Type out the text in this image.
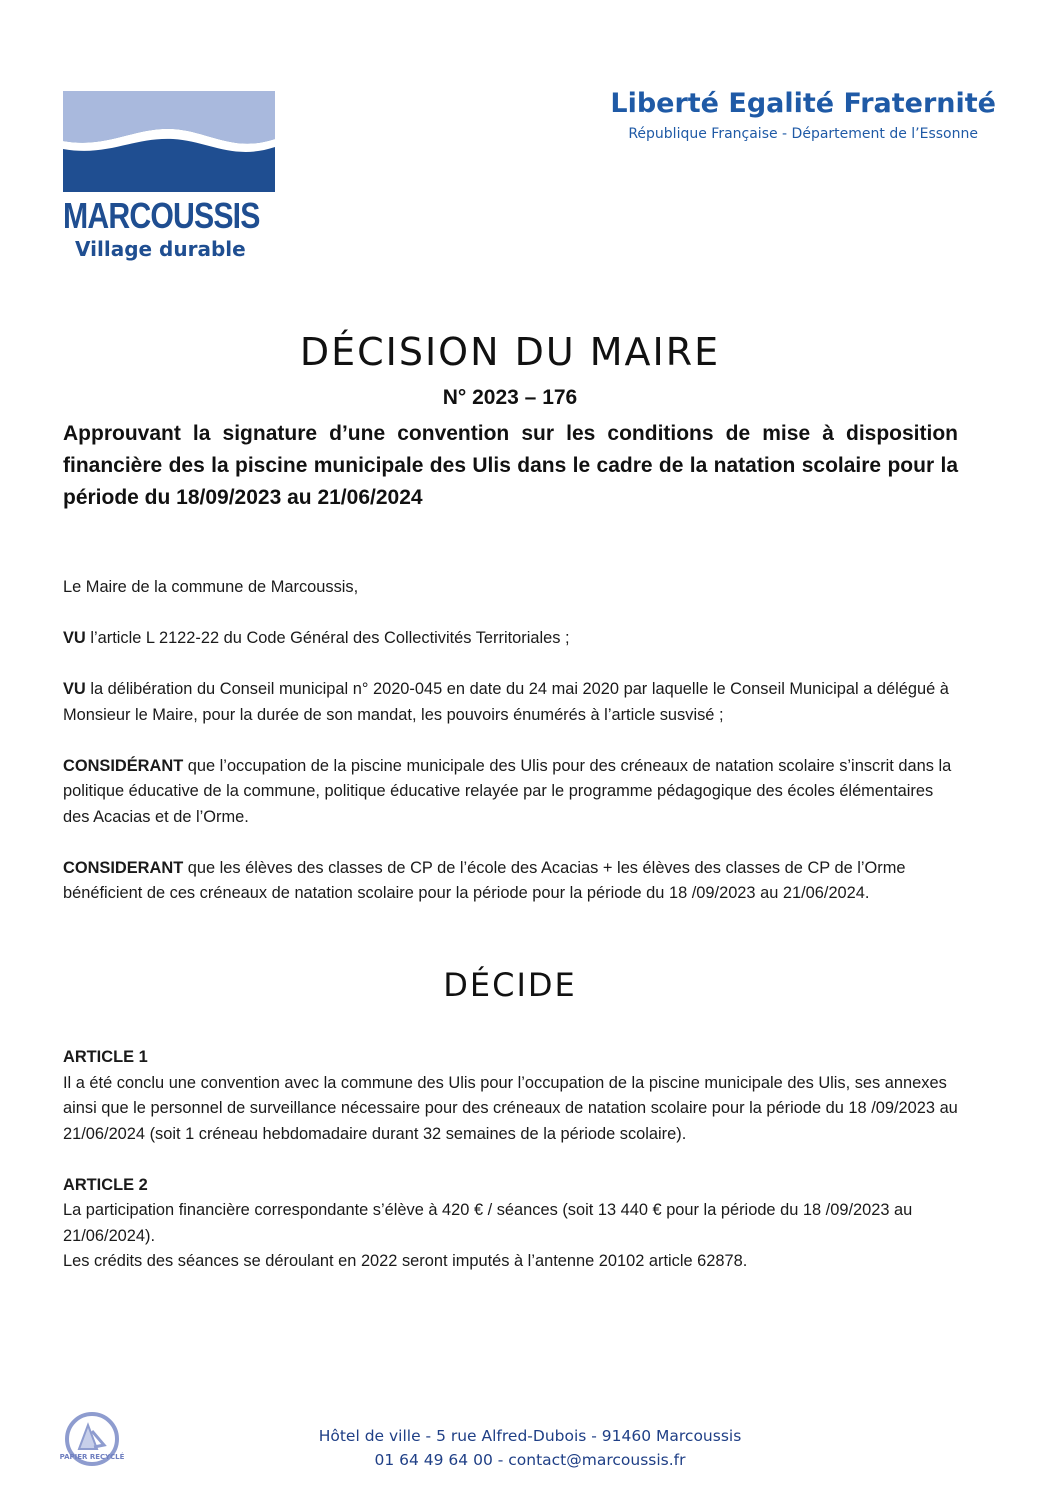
MARCOUSSIS
Village durable
Liberté Egalité Fraternité
République Française - Département de l’Essonne
DÉCISION DU MAIRE
N° 2023 – 176
Approuvant la signature d’une convention sur les conditions de mise à disposition financière des la piscine municipale des Ulis dans le cadre de la natation scolaire pour la période du 18/09/2023 au 21/06/2024

Le Maire de la commune de Marcoussis,

VU l’article L 2122-22 du Code Général des Collectivités Territoriales ;

VU la délibération du Conseil municipal n° 2020-045 en date du 24 mai 2020 par laquelle le Conseil Municipal a délégué à Monsieur le Maire, pour la durée de son mandat, les pouvoirs énumérés à l’article susvisé ;

CONSIDÉRANT que l’occupation de la piscine municipale des Ulis pour des créneaux de natation scolaire s’inscrit dans la politique éducative de la commune, politique éducative relayée par le programme pédagogique des écoles élémentaires des Acacias et de l’Orme.

CONSIDERANT que les élèves des classes de CP de l’école des Acacias + les élèves des classes de CP de l’Orme bénéficient de ces créneaux de natation scolaire pour la période pour la période du 18 /09/2023 au 21/06/2024.

DÉCIDE
ARTICLE 1
Il a été conclu une convention avec la commune des Ulis pour l’occupation de la piscine municipale des Ulis, ses annexes ainsi que le personnel de surveillance nécessaire pour des créneaux de natation scolaire pour la période du 18 /09/2023 au 21/06/2024 (soit 1 créneau hebdomadaire durant 32 semaines de la période scolaire).
ARTICLE 2
La participation financière correspondante s’élève à 420 € / séances (soit 13 440 € pour la période du 18 /09/2023 au 21/06/2024).
Les crédits des séances se déroulant en 2022 seront imputés à l’antenne 20102 article 62878.
PAPIER RECYCLÉ
Hôtel de ville - 5 rue Alfred-Dubois - 91460 Marcoussis
01 64 49 64 00 - contact@marcoussis.fr
